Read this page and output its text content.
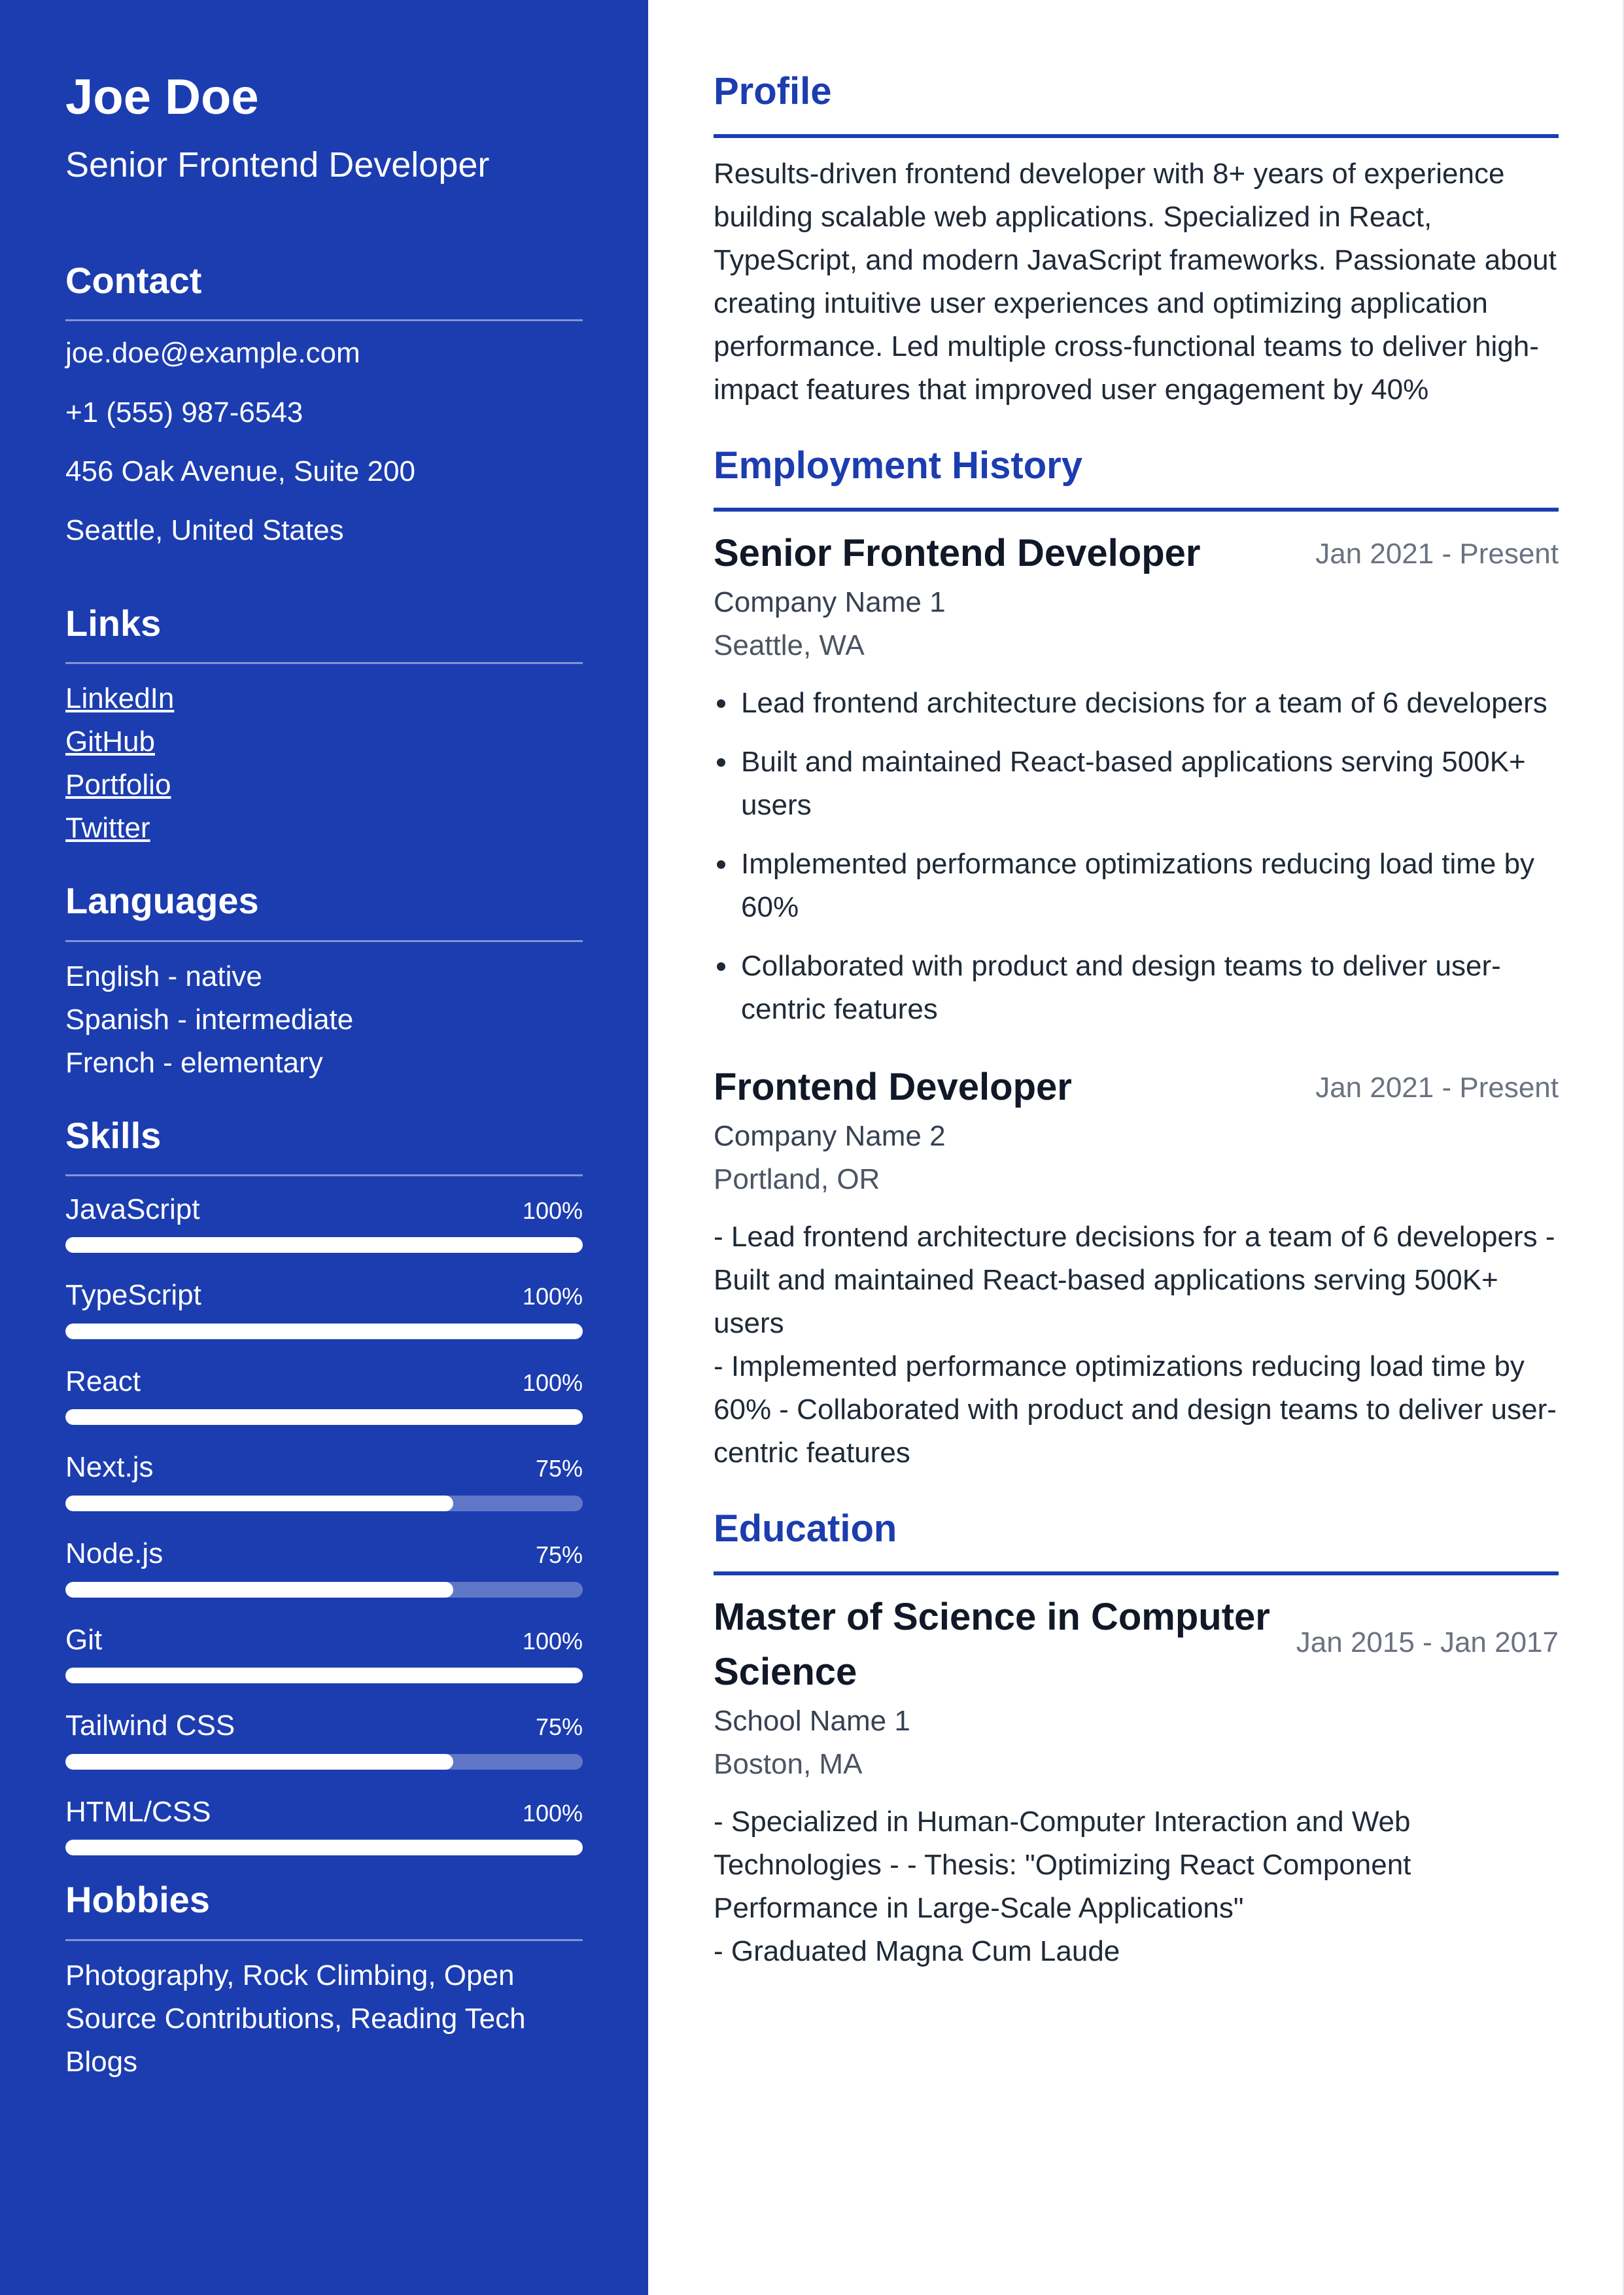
Joe Doe
Senior Frontend Developer
Contact
joe.doe@example.com
+1 (555) 987-6543
456 Oak Avenue, Suite 200
Seattle, United States
Links
LinkedIn
GitHub
Portfolio
Twitter
Languages
English - native
Spanish - intermediate
French - elementary
Skills
JavaScript	100%
TypeScript	100%
React	100%
Next.js	75%
Node.js	75%
Git	100%
Tailwind CSS	75%
HTML/CSS	100%
Hobbies
Photography, Rock Climbing, Open Source Contributions, Reading Tech Blogs
Profile

Results-driven frontend developer with 8+ years of experience building scalable web applications. Specialized in React, TypeScript, and modern JavaScript frameworks. Passionate about creating intuitive user experiences and optimizing application performance. Led multiple cross-functional teams to deliver high-impact features that improved user engagement by 40%

Employment History
Senior Frontend Developer	Jan 2021 - Present

Company Name 1

Seattle, WA

• Lead frontend architecture decisions for a team of 6 developers
• Built and maintained React-based applications serving 500K+ users
• Implemented performance optimizations reducing load time by 60%
• Collaborated with product and design teams to deliver user-centric features
Frontend Developer	Jan 2021 - Present

Company Name 2

Portland, OR

- Lead frontend architecture decisions for a team of 6 developers - Built and maintained React-based applications serving 500K+ users
- Implemented performance optimizations reducing load time by 60% - Collaborated with product and design teams to deliver user-centric features

Education
Master of Science in Computer Science
Jan 2015 - Jan 2017

School Name 1

Boston, MA

- Specialized in Human-Computer Interaction and Web Technologies - - Thesis: "Optimizing React Component Performance in Large-Scale Applications"
- Graduated Magna Cum Laude
